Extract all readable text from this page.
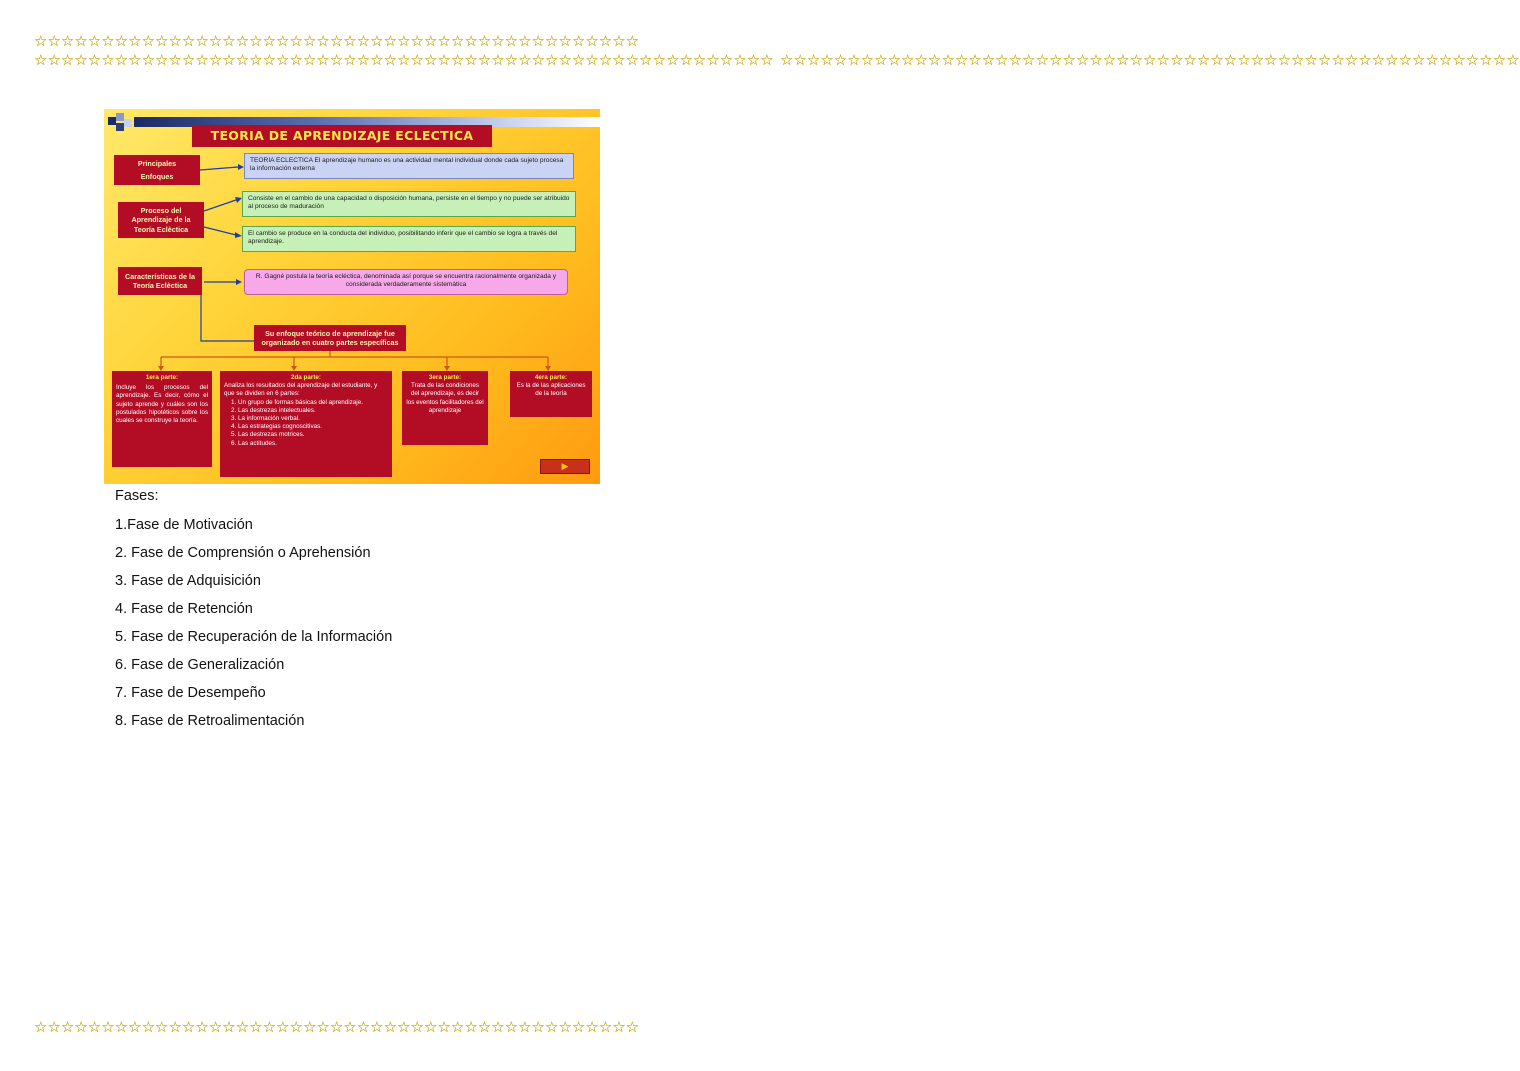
☆☆☆☆☆☆☆☆☆☆☆☆☆☆☆☆☆☆☆☆☆☆☆☆☆☆☆☆☆☆☆☆☆☆☆☆☆☆☆☆☆☆☆☆☆
☆☆☆☆☆☆☆☆☆☆☆☆☆☆☆☆☆☆☆☆☆☆☆☆☆☆☆☆☆☆☆☆☆☆☆☆☆☆☆☆☆☆☆☆☆
☆☆☆☆☆☆☆☆☆☆☆☆☆☆☆☆☆☆☆☆☆☆☆☆☆☆☆☆☆☆☆☆☆☆☆☆☆☆☆☆☆☆☆☆☆☆☆☆☆☆☆☆☆☆☆ ☆☆☆☆☆☆☆☆☆☆☆☆☆☆☆☆☆☆☆☆☆☆☆☆☆☆☆☆☆☆☆☆☆☆☆☆☆☆☆☆☆☆☆☆☆☆☆☆☆☆☆☆☆☆☆
TEORIA DE APRENDIZAJE ECLECTICA
Principales
Enfoques
TEORIA ECLECTICA El aprendizaje humano es una actividad mental individual donde cada sujeto procesa la información externa
Proceso del Aprendizaje de la Teoría Eclèctica
Consiste en el cambio de una capacidad o disposición humana, persiste en el tiempo y no puede ser atribuido al proceso de maduración
El cambio se produce en la conducta del individuo, posibilitando inferir que el cambio se logra a través del aprendizaje.
Características de la Teoría Eclèctica
R. Gagné postula la teoría ecléctica, denominada así porque se encuentra racionalmente organizada y considerada verdaderamente sistemática
Su enfoque teórico de aprendizaje fue organizado en cuatro partes específicas
1era parte:
Incluye los procesos del aprendizaje. Es decir, cómo el sujeto aprende y cuáles son los postulados hipotéticos sobre los cuales se construye la teoría.
2da parte:
Analiza los resultados del aprendizaje del estudiante, y que se dividen en 6 partes:
1. Un grupo de formas básicas del aprendizaje.
2. Las destrezas intelectuales.
3. La información verbal.
4. Las estrategias cognoscitivas.
5. Las destrezas motrices.
6. Las actitudes.
3era parte:
Trata de las condiciones del aprendizaje, es decir los eventos facilitadores del aprendizaje
4era parte:
Es la de las aplicaciones de la teoría
▶
Fases:
1.Fase de Motivación
2. Fase de Comprensión o Aprehensión
3. Fase de Adquisición
4. Fase de Retención
5. Fase de Recuperación de la Información
6. Fase de Generalización
7. Fase de Desempeño
8. Fase de Retroalimentación
